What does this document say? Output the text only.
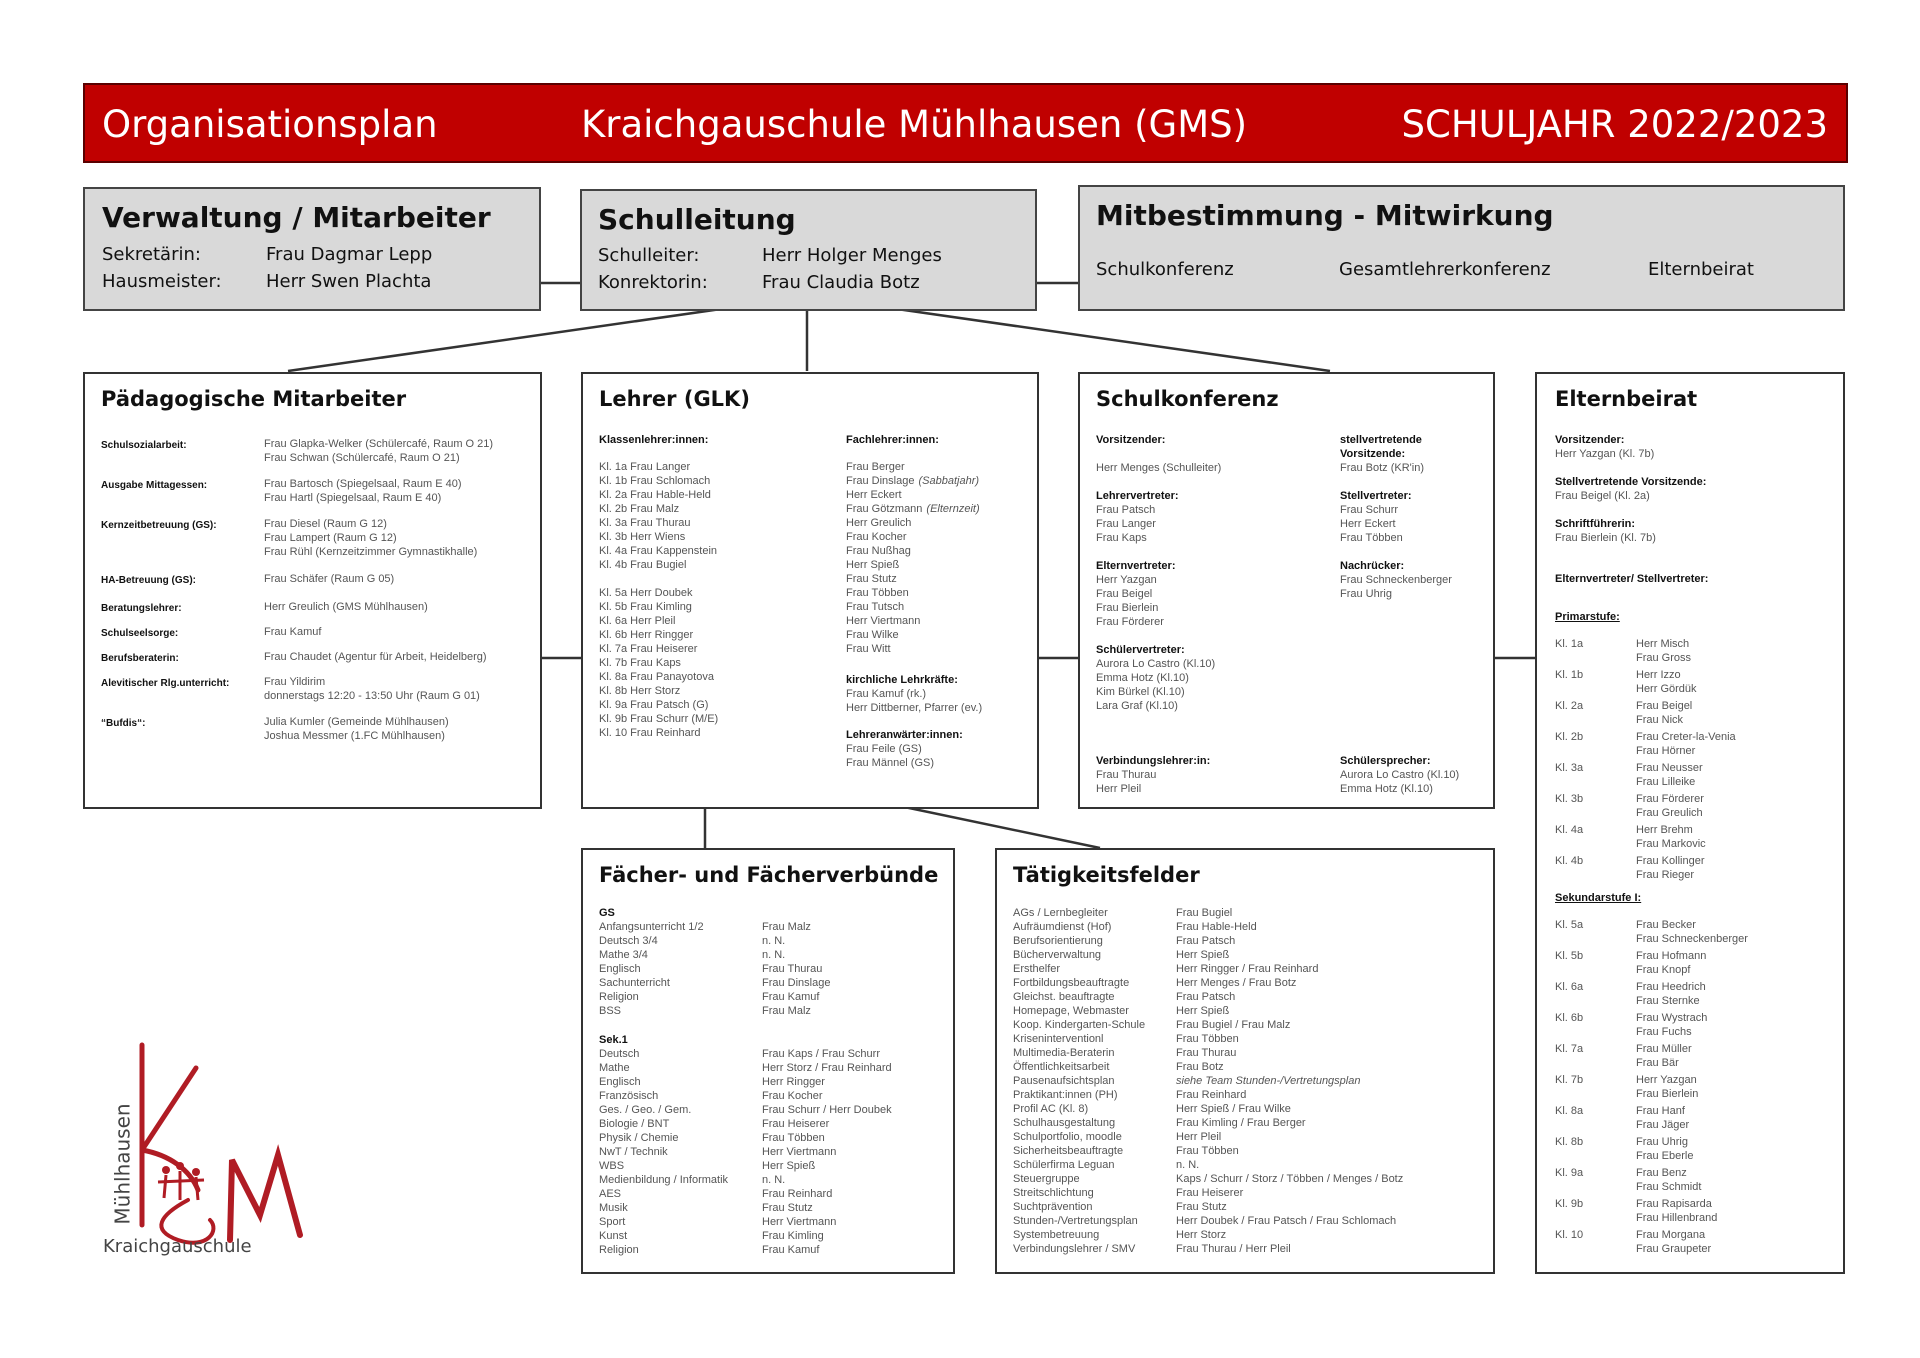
Organisationsplan	Kraichgauschule Mühlhausen (GMS)	SCHULJAHR 2022/2023
Verwaltung / Mitarbeiter
Sekretärin:	Frau Dagmar Lepp
Hausmeister: Herr Swen Plachta
Schulleitung
Schulleiter:	Herr Holger Menges
Konrektorin:	Frau Claudia Botz
Mitbestimmung - Mitwirkung
Schulkonferenz	Gesamtlehrerkonferenz	Elternbeirat
Pädagogische Mitarbeiter
Schulsozialarbeit:	Frau Glapka-Welker (Schülercafé, Raum O 21)
Frau Schwan (Schülercafé, Raum O 21)
Ausgabe Mittagessen:	Frau Bartosch (Spiegelsaal, Raum E 40)
Frau Hartl (Spiegelsaal, Raum E 40)
Kernzeitbetreuung (GS):	Frau Diesel (Raum G 12)
Frau Lampert (Raum G 12)
Frau Rühl (Kernzeitzimmer Gymnastikhalle)
HA-Betreuung (GS):	Frau Schäfer (Raum G 05)
Beratungslehrer:	Herr Greulich (GMS Mühlhausen)
Schulseelsorge:	Frau Kamuf
Berufsberaterin:	Frau Chaudet (Agentur für Arbeit, Heidelberg)
Alevitischer Rlg.unterricht:	Frau Yildirim
donnerstags 12:20 - 13:50 Uhr (Raum G 01)
“Bufdis“:	Julia Kumler (Gemeinde Mühlhausen)
Joshua Messmer (1.FC Mühlhausen)
Lehrer (GLK)
Klassenlehrer:innen:
Kl. 1a Frau Langer
Kl. 1b Frau Schlomach
Kl. 2a Frau Hable-Held
Kl. 2b Frau Malz
Kl. 3a Frau Thurau
Kl. 3b Herr Wiens
Kl. 4a Frau Kappenstein
Kl. 4b Frau Bugiel
Kl. 5a Herr Doubek
Kl. 5b Frau Kimling
Kl. 6a Herr Pleil
Kl. 6b Herr Ringger
Kl. 7a Frau Heiserer
Kl. 7b Frau Kaps
Kl. 8a Frau Panayotova
Kl. 8b Herr Storz
Kl. 9a Frau Patsch (G)
Kl. 9b Frau Schurr (M/E)
Kl. 10 Frau Reinhard
Fachlehrer:innen:
Frau Berger
Frau Dinslage (Sabbatjahr)
Herr Eckert
Frau Götzmann (Elternzeit)
Herr Greulich
Frau Kocher
Frau Nußhag
Herr Spieß
Frau Stutz
Frau Többen
Frau Tutsch
Herr Viertmann
Frau Wilke
Frau Witt
kirchliche Lehrkräfte:
Frau Kamuf (rk.)
Herr Dittberner, Pfarrer (ev.)
Lehreranwärter:innen:
Frau Feile (GS)
Frau Männel (GS)
Schulkonferenz
Vorsitzender:
Herr Menges (Schulleiter)
Lehrervertreter:
Frau Patsch
Frau Langer
Frau Kaps
Elternvertreter:
Herr Yazgan
Frau Beigel
Frau Bierlein
Frau Förderer
Schülervertreter:
Aurora Lo Castro (Kl.10)
Emma Hotz (Kl.10)
Kim Bürkel (Kl.10)
Lara Graf (Kl.10)
Verbindungslehrer:in:
Frau Thurau
Herr Pleil
stellvertretende
Vorsitzende:
Frau Botz (KR'in)
Stellvertreter:
Frau Schurr
Herr Eckert
Frau Többen
Nachrücker:
Frau Schneckenberger
Frau Uhrig
Schülersprecher:
Aurora Lo Castro (Kl.10)
Emma Hotz (Kl.10)
Elternbeirat
Vorsitzender:
Herr Yazgan (Kl. 7b)
Stellvertretende Vorsitzende:
Frau Beigel (Kl. 2a)
Schriftführerin:
Frau Bierlein (Kl. 7b)
Elternvertreter/ Stellvertreter:
Primarstufe:
Kl. 1a	Herr Misch
Frau Gross
Kl. 1b	Herr Izzo
Herr Gördük
Kl. 2a	Frau Beigel
Frau Nick
Kl. 2b	Frau Creter-la-Venia
Frau Hörner
Kl. 3a	Frau Neusser
Frau Lilleike
Kl. 3b	Frau Förderer
Frau Greulich
Kl. 4a	Herr Brehm
Frau Markovic
Kl. 4b	Frau Kollinger
Frau Rieger
Sekundarstufe I:
Kl. 5a	Frau Becker
Frau Schneckenberger
Kl. 5b	Frau Hofmann
Frau Knopf
Kl. 6a	Frau Heedrich
Frau Sternke
Kl. 6b	Frau Wystrach
Frau Fuchs
Kl. 7a	Frau Müller
Frau Bär
Kl. 7b	Herr Yazgan
Frau Bierlein
Kl. 8a	Frau Hanf
Frau Jäger
Kl. 8b	Frau Uhrig
Frau Eberle
Kl. 9a	Frau Benz
Frau Schmidt
Kl. 9b	Frau Rapisarda
Frau Hillenbrand
Kl. 10	Frau Morgana
Frau Graupeter
Fächer- und Fächerverbünde
GS
Anfangsunterricht 1/2	Frau Malz
Deutsch 3/4	n. N.
Mathe 3/4	n. N.
Englisch	Frau Thurau
Sachunterricht	Frau Dinslage
Religion	Frau Kamuf
BSS	Frau Malz
Sek.1
Deutsch	Frau Kaps / Frau Schurr
Mathe	Herr Storz / Frau Reinhard
Englisch	Herr Ringger
Französisch	Frau Kocher
Ges. / Geo. / Gem.	Frau Schurr / Herr Doubek
Biologie / BNT	Frau Heiserer
Physik / Chemie	Frau Többen
NwT / Technik	Herr Viertmann
WBS	Herr Spieß
Medienbildung / Informatik	n. N.
AES	Frau Reinhard
Musik	Frau Stutz
Sport	Herr Viertmann
Kunst	Frau Kimling
Religion	Frau Kamuf
Tätigkeitsfelder
AGs / Lernbegleiter	Frau Bugiel
Aufräumdienst (Hof)	Frau Hable-Held
Berufsorientierung	Frau Patsch
Bücherverwaltung	Herr Spieß
Ersthelfer	Herr Ringger / Frau Reinhard
Fortbildungsbeauftragte	Herr Menges / Frau Botz
Gleichst. beauftragte	Frau Patsch
Homepage, Webmaster	Herr Spieß
Koop. Kindergarten-Schule	Frau Bugiel / Frau Malz
Kriseninterventionl	Frau Többen
Multimedia-Beraterin	Frau Thurau
Öffentlichkeitsarbeit	Frau Botz
Pausenaufsichtsplan	siehe Team Stunden-/Vertretungsplan
Praktikant:innen (PH)	Frau Reinhard
Profil AC (Kl. 8)	Herr Spieß / Frau Wilke
Schulhausgestaltung	Frau Kimling / Frau Berger
Schulportfolio, moodle	Herr Pleil
Sicherheitsbeauftragte	Frau Többen
Schülerfirma Leguan	n. N.
Steuergruppe	Kaps / Schurr / Storz / Többen / Menges / Botz
Streitschlichtung	Frau Heiserer
Suchtprävention	Frau Stutz
Stunden-/Vertretungsplan	Herr Doubek / Frau Patsch / Frau Schlomach
Systembetreuung	Herr Storz
Verbindungslehrer / SMV	Frau Thurau / Herr Pleil
Mühlhausen
Kraichgauschule
